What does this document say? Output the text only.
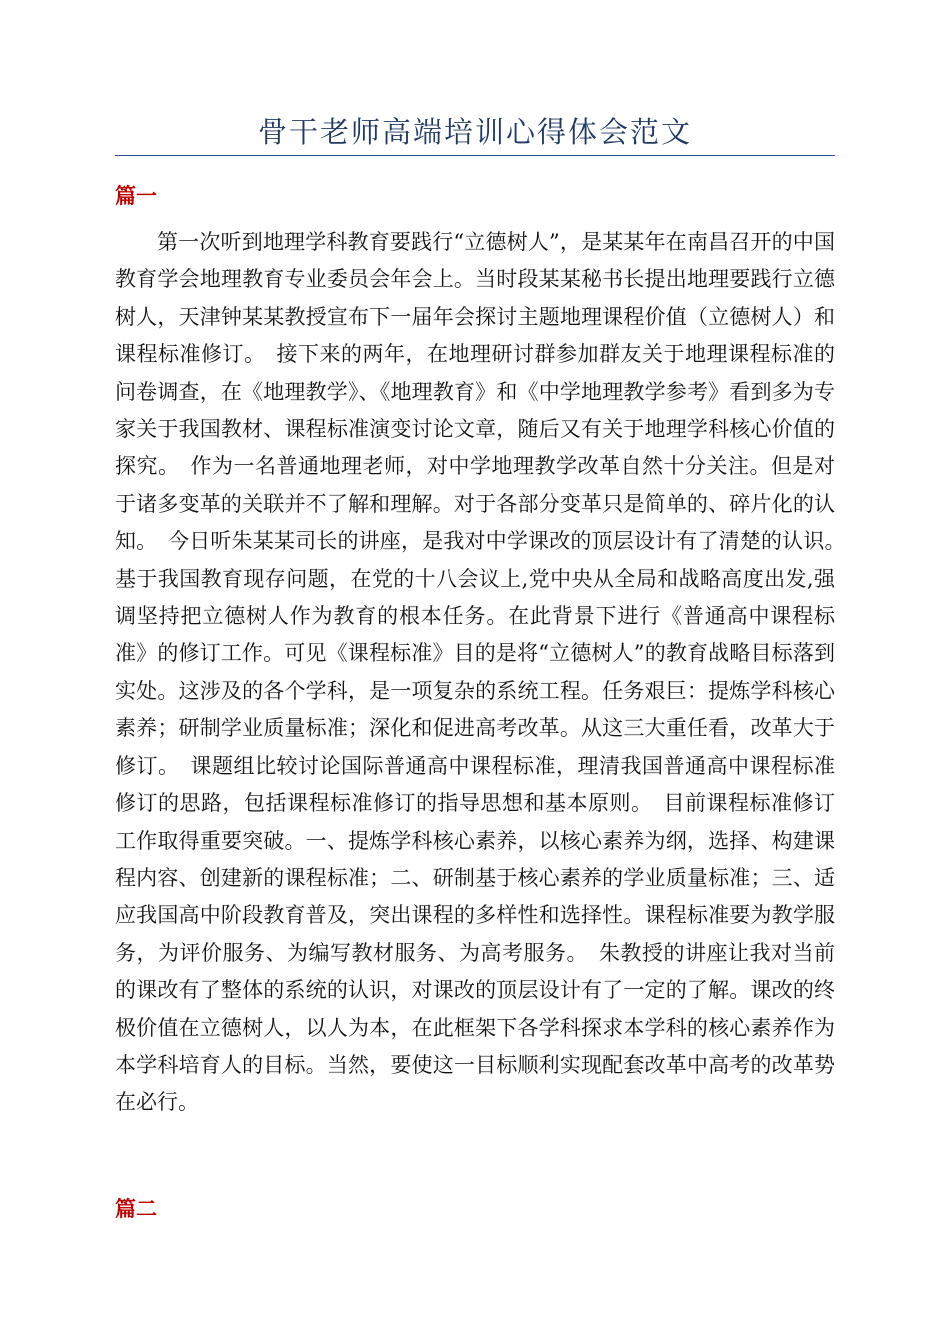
骨干老师高端培训心得体会范文
篇一

第一次听到地理学科教育要践行“立德树人”，是某某年在南昌召开的中国教育学会地理教育专业委员会年会上。当时段某某秘书长提出地理要践行立德树人，天津钟某某教授宣布下一届年会探讨主题地理课程价值（立德树人）和课程标准修订。　接下来的两年，在地理研讨群参加群友关于地理课程标准的问卷调查，在《地理教学》、《地理教育》和《中学地理教学参考》看到多为专家关于我国教材、课程标准演变讨论文章，随后又有关于地理学科核心价值的探究。　作为一名普通地理老师，对中学地理教学改革自然十分关注。但是对于诸多变革的关联并不了解和理解。对于各部分变革只是简单的、碎片化的认知。　今日听朱某某司长的讲座，是我对中学课改的顶层设计有了清楚的认识。　基于我国教育现存问题，在党的十八会议上,党中央从全局和战略高度出发,强调坚持把立德树人作为教育的根本任务。在此背景下进行《普通高中课程标准》的修订工作。可见《课程标准》目的是将“立德树人”的教育战略目标落到实处。这涉及的各个学科，是一项复杂的系统工程。任务艰巨：提炼学科核心素养；研制学业质量标准；深化和促进高考改革。从这三大重任看，改革大于修订。　课题组比较讨论国际普通高中课程标准，理清我国普通高中课程标准修订的思路，包括课程标准修订的指导思想和基本原则。　目前课程标准修订工作取得重要突破。一、提炼学科核心素养，以核心素养为纲，选择、构建课程内容、创建新的课程标准；二、研制基于核心素养的学业质量标准；三、适应我国高中阶段教育普及，突出课程的多样性和选择性。课程标准要为教学服务，为评价服务、为编写教材服务、为高考服务。　朱教授的讲座让我对当前的课改有了整体的系统的认识，对课改的顶层设计有了一定的了解。课改的终极价值在立德树人，以人为本，在此框架下各学科探求本学科的核心素养作为本学科培育人的目标。当然，要使这一目标顺利实现配套改革中高考的改革势在必行。

篇二
